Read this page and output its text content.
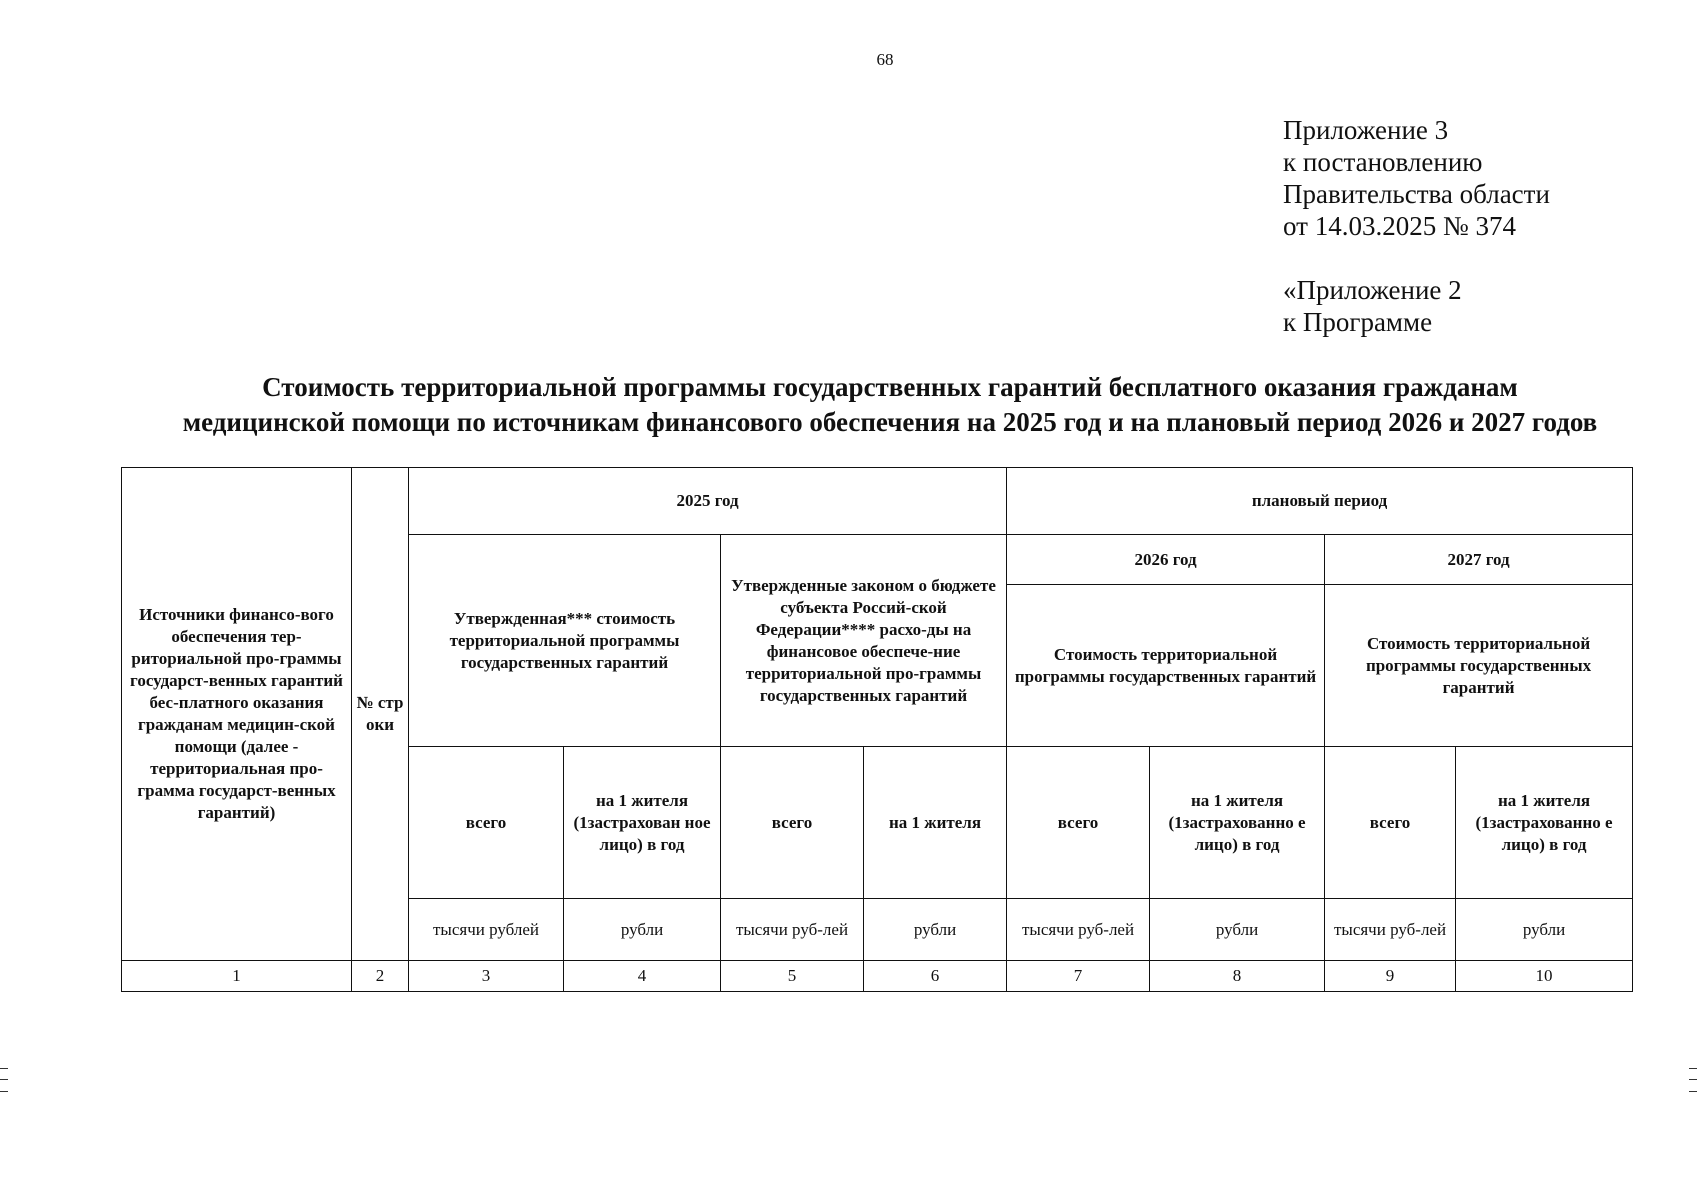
68
Приложение 3
к постановлению
Правительства области
от 14.03.2025 № 374
«Приложение 2
к Программе
Стоимость территориальной программы государственных гарантий бесплатного оказания гражданам
медицинской помощи по источникам финансового обеспечения на 2025 год и на плановый период 2026 и 2027 годов
Источники финансо-вого обеспечения тер-риториальной про-граммы государст-венных гарантий бес-платного оказания гражданам медицин-ской помощи (далее - территориальная про-грамма государст-венных гарантий)	№ стр оки	2025 год				плановый период			
		Утвержденная*** стоимость территориальной программы государственных гарантий		Утвержденные законом о бюджете субъекта Россий-ской Федерации**** расхо-ды на финансовое обеспече-ние территориальной про-граммы государственных гарантий		2026 год		2027 год	
						Стоимость территориальной программы государственных гарантий		Стоимость территориальной программы государственных гарантий	
		всего	на 1 жителя (1застрахован ное лицо) в год	всего	на 1 жителя	всего	на 1 жителя (1застрахованно е лицо) в год	всего	на 1 жителя (1застрахованно е лицо) в год
		тысячи рублей	рубли	тысячи руб-лей	рубли	тысячи руб-лей	рубли	тысячи руб-лей	рубли
1	2	3	4	5	6	7	8	9	10
